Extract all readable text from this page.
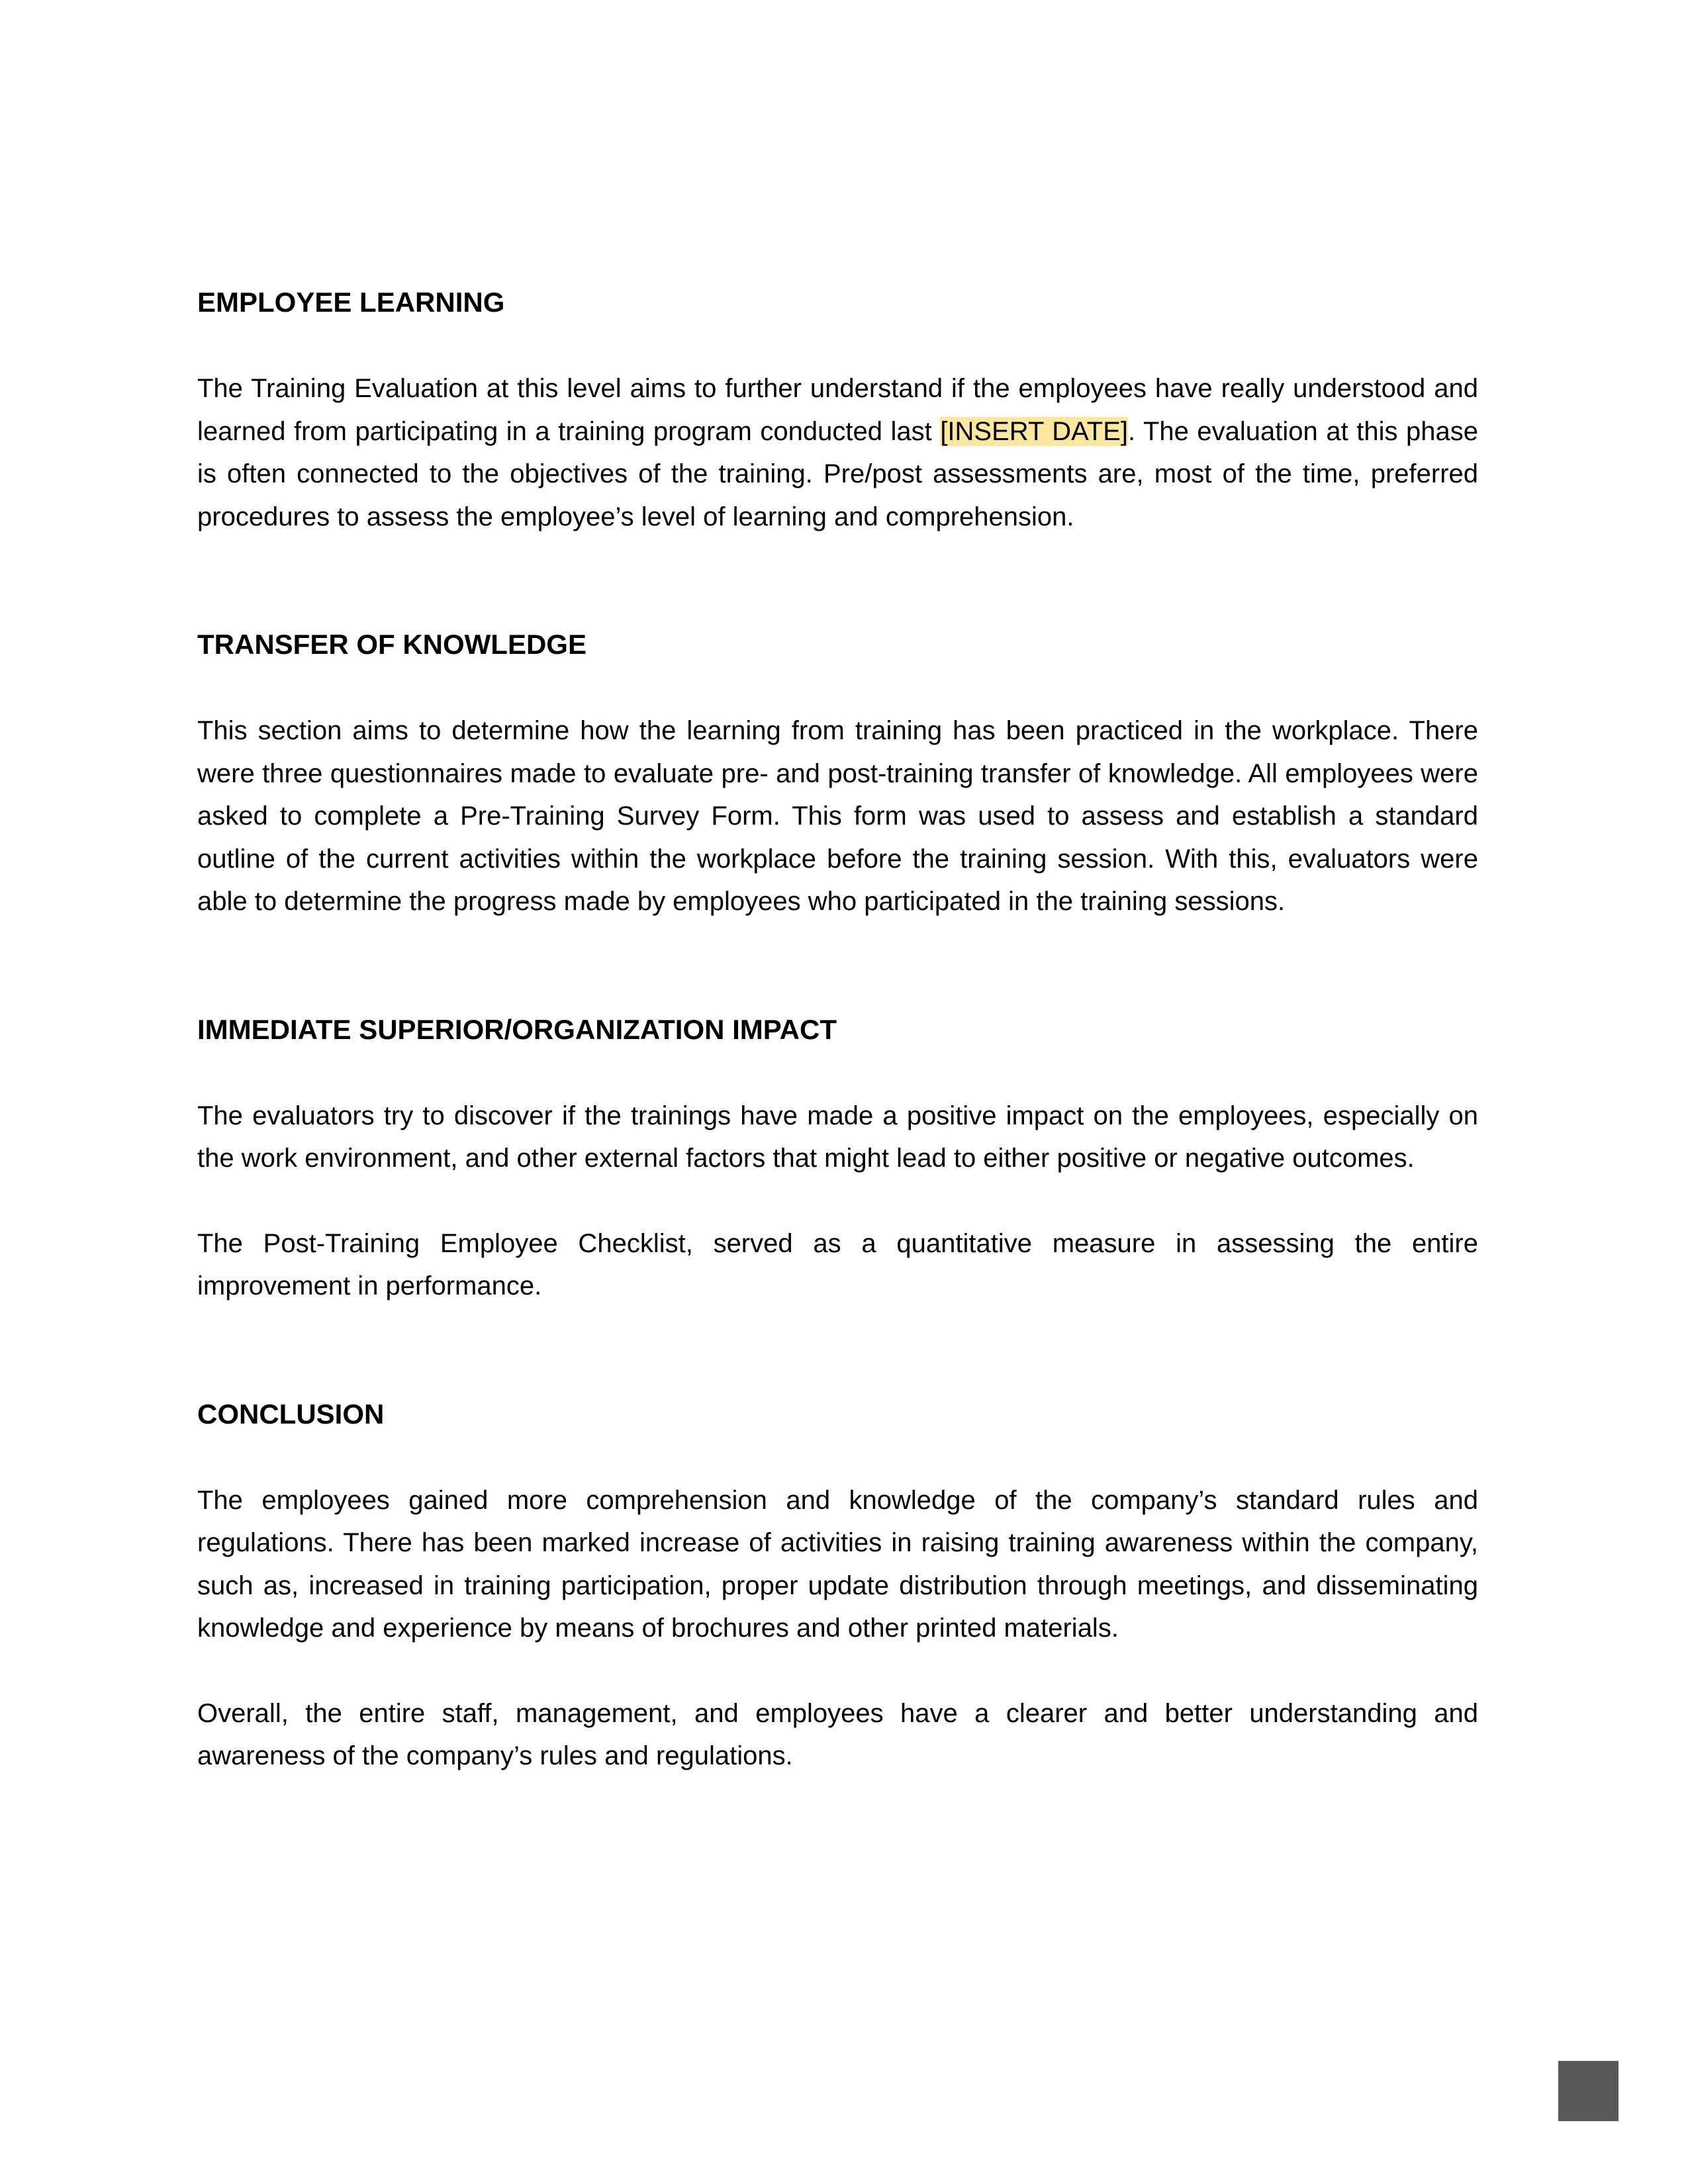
EMPLOYEE LEARNING

The Training Evaluation at this level aims to further understand if the employees have really understood and learned from participating in a training program conducted last [INSERT DATE]. The evaluation at this phase is often connected to the objectives of the training. Pre/post assessments are, most of the time, preferred procedures to assess the employee’s level of learning and comprehension.

TRANSFER OF KNOWLEDGE

This section aims to determine how the learning from training has been practiced in the workplace. There were three questionnaires made to evaluate pre- and post-training transfer of knowledge. All employees were asked to complete a Pre-Training Survey Form. This form was used to assess and establish a standard outline of the current activities within the workplace before the training session. With this, evaluators were able to determine the progress made by employees who participated in the training sessions.

IMMEDIATE SUPERIOR/ORGANIZATION IMPACT

The evaluators try to discover if the trainings have made a positive impact on the employees, especially on the work environment, and other external factors that might lead to either positive or negative outcomes.

The Post-Training Employee Checklist, served as a quantitative measure in assessing the entire improvement in performance.

CONCLUSION

The employees gained more comprehension and knowledge of the company’s standard rules and regulations. There has been marked increase of activities in raising training awareness within the company, such as, increased in training participation, proper update distribution through meetings, and disseminating knowledge and experience by means of brochures and other printed materials.

Overall, the entire staff, management, and employees have a clearer and better understanding and awareness of the company’s rules and regulations.
